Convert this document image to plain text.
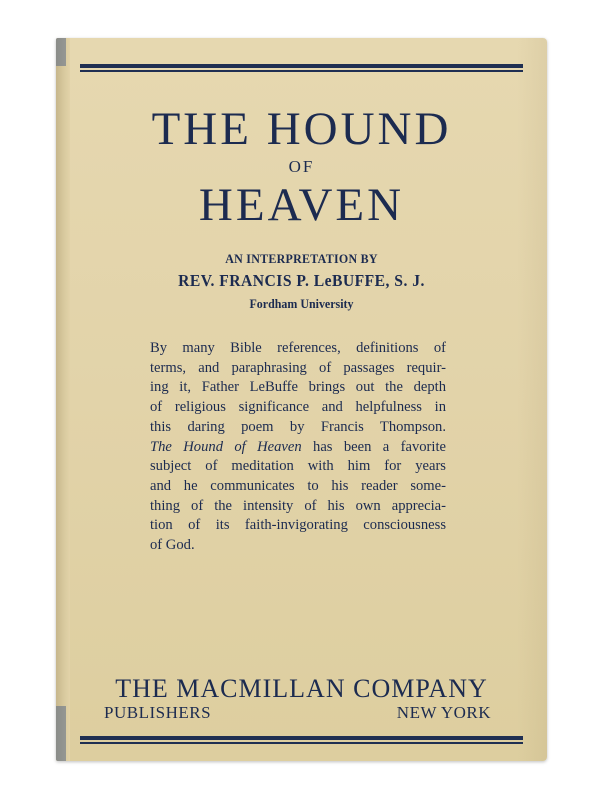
THE HOUND
OF
HEAVEN
AN INTERPRETATION BY
REV. FRANCIS P. LeBUFFE, S. J.
Fordham University
By many Bible references, definitions of
terms, and paraphrasing of passages requir-
ing it, Father LeBuffe brings out the depth
of religious significance and helpfulness in
this daring poem by Francis Thompson.
The Hound of Heaven has been a favorite
subject of meditation with him for years
and he communicates to his reader some-
thing of the intensity of his own apprecia-
tion of its faith-invigorating consciousness
of God.
THE MACMILLAN COMPANY
PUBLISHERS	NEW YORK
